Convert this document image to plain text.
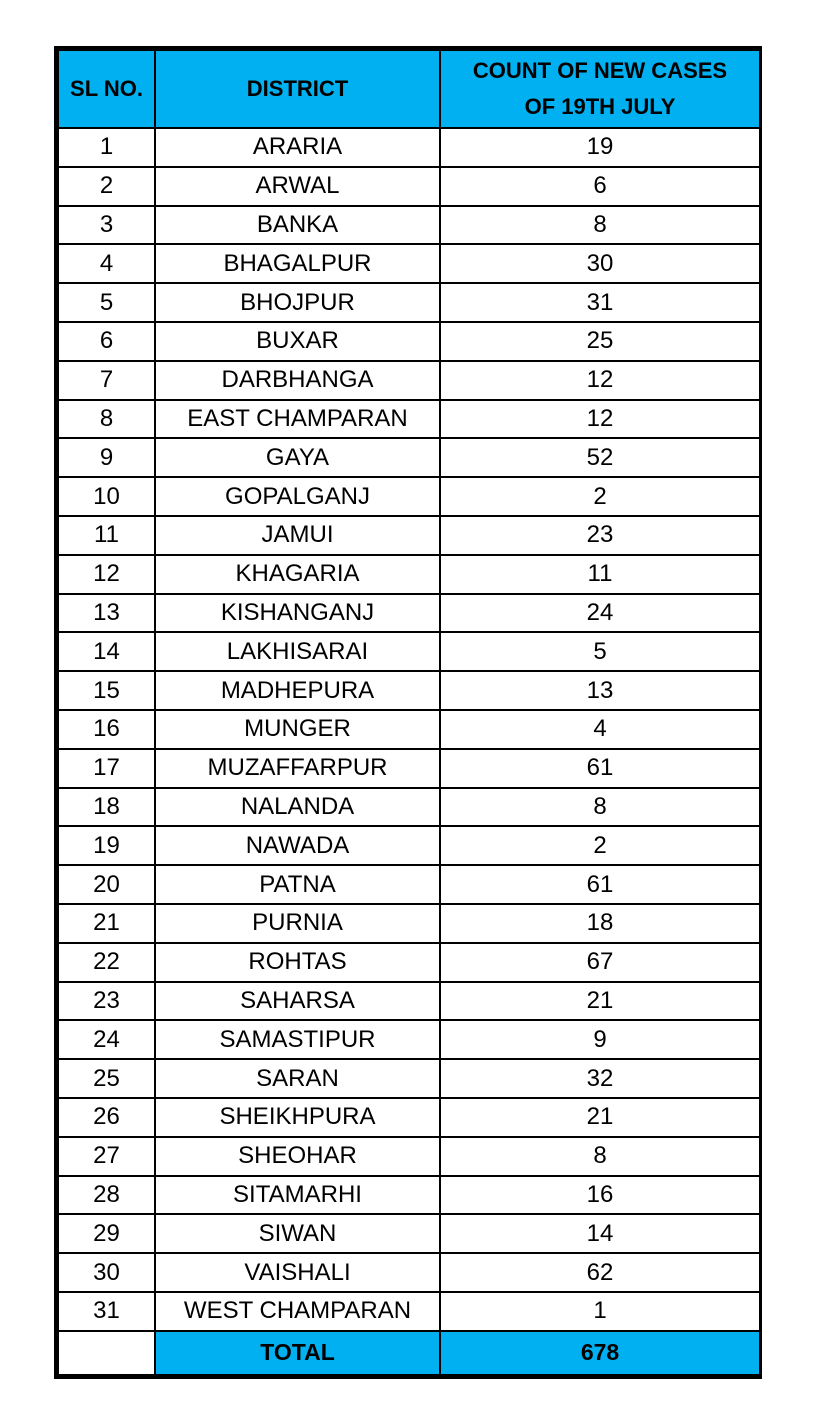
SL NO.	DISTRICT	COUNT OF NEW CASES
OF 19TH JULY

1	ARARIA	19
2	ARWAL	6
3	BANKA	8
4	BHAGALPUR	30
5	BHOJPUR	31
6	BUXAR	25
7	DARBHANGA	12
8	EAST CHAMPARAN	12
9	GAYA	52
10	GOPALGANJ	2
11	JAMUI	23
12	KHAGARIA	11
13	KISHANGANJ	24
14	LAKHISARAI	5
15	MADHEPURA	13
16	MUNGER	4
17	MUZAFFARPUR	61
18	NALANDA	8
19	NAWADA	2
20	PATNA	61
21	PURNIA	18
22	ROHTAS	67
23	SAHARSA	21
24	SAMASTIPUR	9
25	SARAN	32
26	SHEIKHPURA	21
27	SHEOHAR	8
28	SITAMARHI	16
29	SIWAN	14
30	VAISHALI	62
31	WEST CHAMPARAN	1
	TOTAL	678
